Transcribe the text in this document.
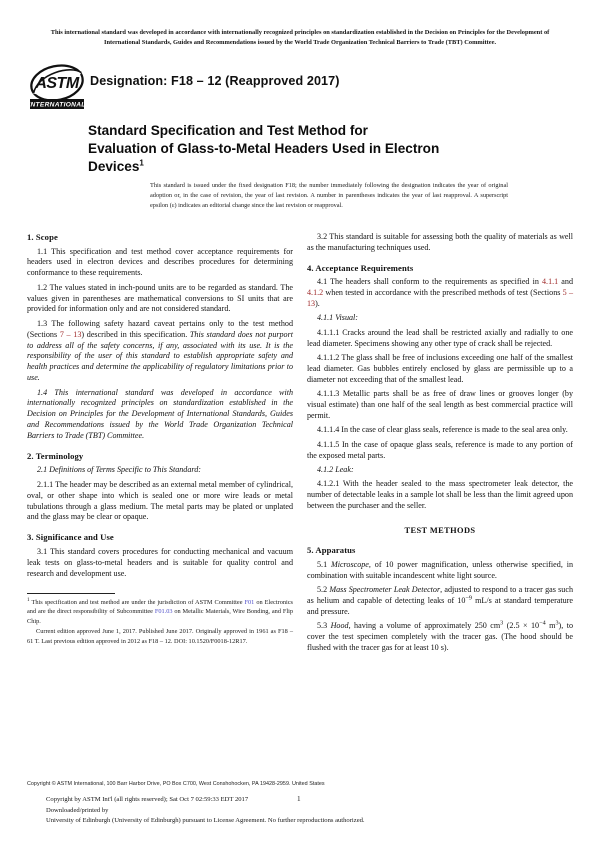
This international standard was developed in accordance with internationally recognized principles on standardization established in the Decision on Principles for the Development of International Standards, Guides and Recommendations issued by the World Trade Organization Technical Barriers to Trade (TBT) Committee.
ASTM
INTERNATIONAL
Designation: F18 – 12 (Reapproved 2017)
Standard Specification and Test Method for
Evaluation of Glass-to-Metal Headers Used in Electron
Devices$^1$
This standard is issued under the fixed designation F18; the number immediately following the designation indicates the year of original adoption or, in the case of revision, the year of last revision. A number in parentheses indicates the year of last reapproval. A superscript epsilon (ε) indicates an editorial change since the last revision or reapproval.
1. Scope

1.1 This specification and test method cover acceptance requirements for headers used in electron devices and describes procedures for determining conformance to these requirements.

1.2 The values stated in inch-pound units are to be regarded as standard. The values given in parentheses are mathematical conversions to SI units that are provided for information only and are not considered standard.

1.3 The following safety hazard caveat pertains only to the test method (Sections 7 – 13) described in this specification. This standard does not purport to address all of the safety concerns, if any, associated with its use. It is the responsibility of the user of this standard to establish appropriate safety and health practices and determine the applicability of regulatory limitations prior to use.

1.4 This international standard was developed in accordance with internationally recognized principles on standardization established in the Decision on Principles for the Development of International Standards, Guides and Recommendations issued by the World Trade Organization Technical Barriers to Trade (TBT) Committee.

2. Terminology

2.1 Definitions of Terms Specific to This Standard:

2.1.1 The header may be described as an external metal member of cylindrical, oval, or other shape into which is sealed one or more wire leads or metal tubulations through a glass medium. The metal parts may be plated or unplated and the glass may be clear or opaque.

3. Significance and Use

3.1 This standard covers procedures for conducting mechanical and vacuum leak tests on glass-to-metal headers and is suitable for quality control and research and development use.

$^1$ This specification and test method are under the jurisdiction of ASTM Committee F01 on Electronics and are the direct responsibility of Subcommittee F01.03 on Metallic Materials, Wire Bonding, and Flip Chip.

Current edition approved June 1, 2017. Published June 2017. Originally approved in 1961 as F18 – 61 T. Last previous edition approved in 2012 as F18 – 12. DOI: 10.1520/F0018-12R17.

3.2 This standard is suitable for assessing both the quality of materials as well as the manufacturing techniques used.

4. Acceptance Requirements

4.1 The headers shall conform to the requirements as specified in 4.1.1 and 4.1.2 when tested in accordance with the prescribed methods of test (Sections 5 – 13).

4.1.1 Visual:

4.1.1.1 Cracks around the lead shall be restricted axially and radially to one lead diameter. Specimens showing any other type of crack shall be rejected.

4.1.1.2 The glass shall be free of inclusions exceeding one half of the smallest lead diameter. Gas bubbles entirely enclosed by glass are permissible up to a diameter not exceeding that of the smallest lead.

4.1.1.3 Metallic parts shall be as free of draw lines or grooves longer (by visual estimate) than one half of the seal length as best commercial practice will permit.

4.1.1.4 In the case of clear glass seals, reference is made to the seal area only.

4.1.1.5 In the case of opaque glass seals, reference is made to any portion of the exposed metal parts.

4.1.2 Leak:

4.1.2.1 With the header sealed to the mass spectrometer leak detector, the number of detectable leaks in a sample lot shall be less than the limit agreed upon between the purchaser and the seller.

TEST METHODS
5. Apparatus

5.1 Microscope, of 10 power magnification, unless otherwise specified, in combination with suitable incandescent white light source.

5.2 Mass Spectrometer Leak Detector, adjusted to respond to a tracer gas such as helium and capable of detecting leaks of $10^{-9}$ mL/s at standard temperature and pressure.

5.3 Hood, having a volume of approximately 250 $cm^3$ ($2.5 \times 10^{-4}$ $m^3$), to cover the test specimen completely with the tracer gas. (The hood should be flushed with the tracer gas for at least 10 s).

Copyright © ASTM International, 100 Barr Harbor Drive, PO Box C700, West Conshohocken, PA 19428-2959. United States
Copyright by ASTM Int'l (all rights reserved); Sat Oct 7 02:59:33 EDT 2017
Downloaded/printed by
University of Edinburgh (University of Edinburgh) pursuant to License Agreement. No further reproductions authorized.
1
